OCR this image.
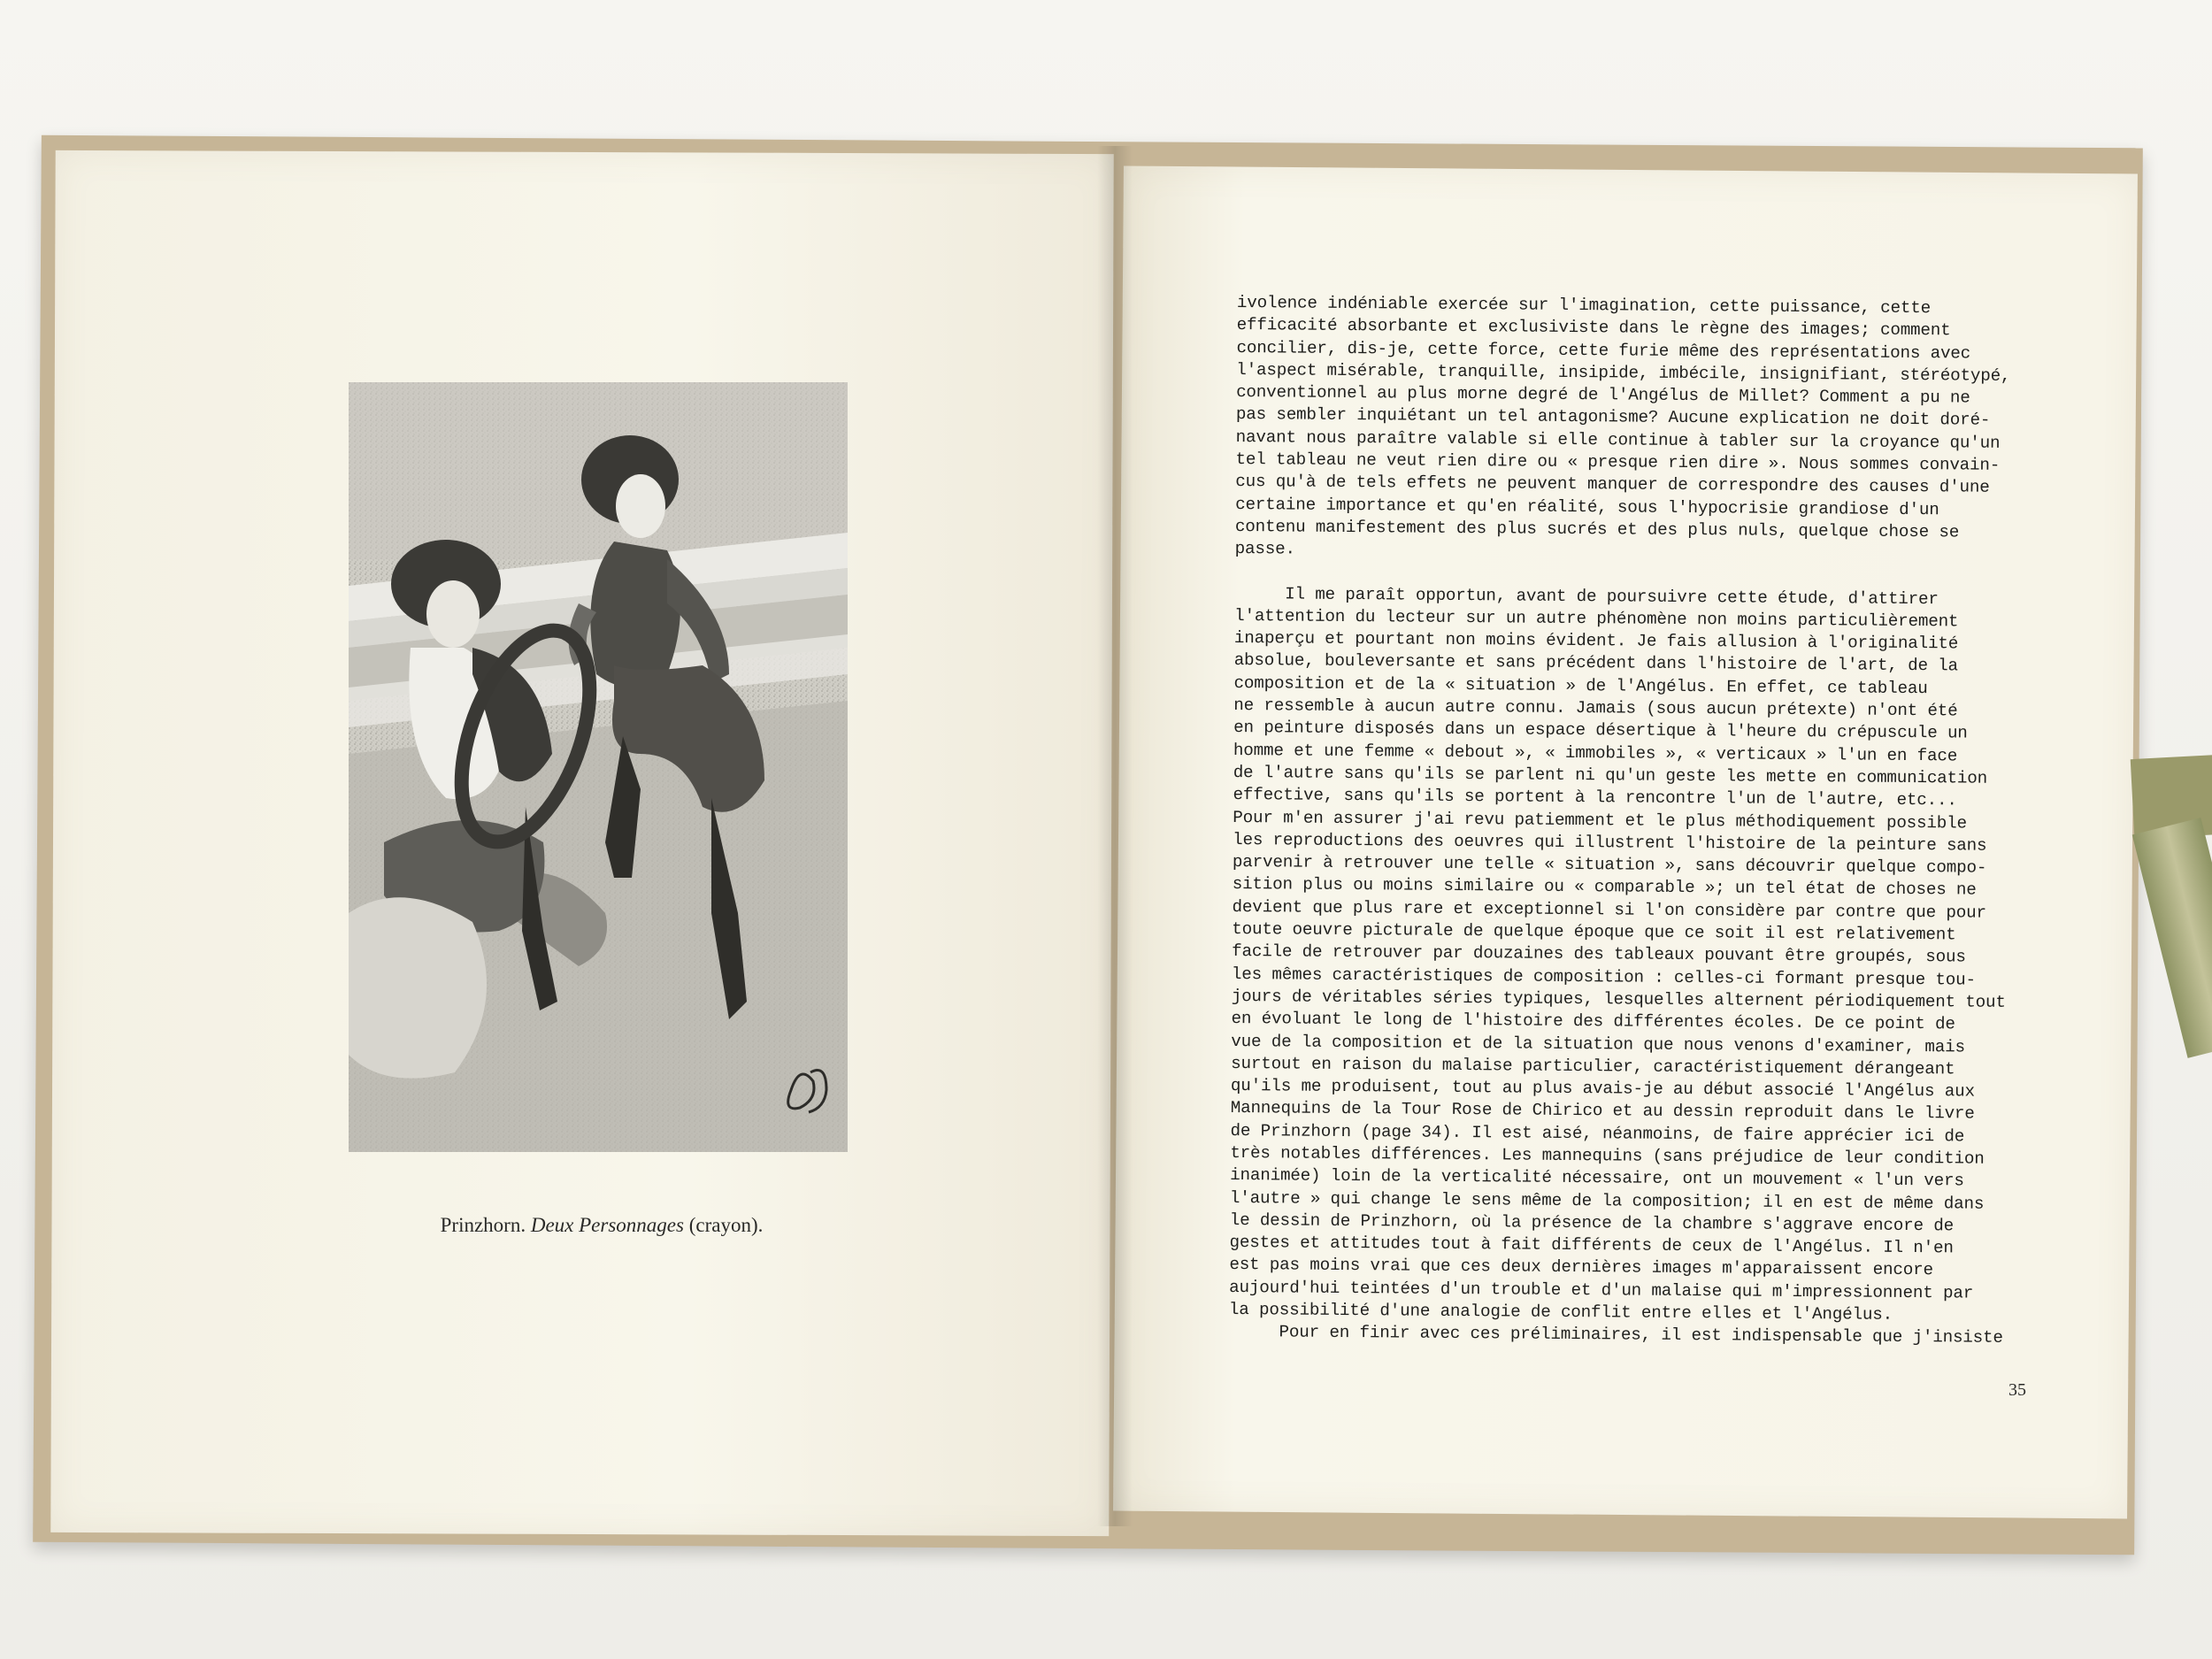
Prinzhorn. Deux Personnages (crayon).
ivolence indéniable exercée sur l'imagination, cette puissance, cette
efficacité absorbante et exclusiviste dans le règne des images; comment
concilier, dis-je, cette force, cette furie même des représentations avec
l'aspect misérable, tranquille, insipide, imbécile, insignifiant, stéréotypé,
conventionnel au plus morne degré de l'Angélus de Millet? Comment a pu ne
pas sembler inquiétant un tel antagonisme? Aucune explication ne doit doré-
navant nous paraître valable si elle continue à tabler sur la croyance qu'un
tel tableau ne veut rien dire ou « presque rien dire ». Nous sommes convain-
cus qu'à de tels effets ne peuvent manquer de correspondre des causes d'une
certaine importance et qu'en réalité, sous l'hypocrisie grandiose d'un
contenu manifestement des plus sucrés et des plus nuls, quelque chose se
passe.
Il me paraît opportun, avant de poursuivre cette étude, d'attirer
l'attention du lecteur sur un autre phénomène non moins particulièrement
inaperçu et pourtant non moins évident. Je fais allusion à l'originalité
absolue, bouleversante et sans précédent dans l'histoire de l'art, de la
composition et de la « situation » de l'Angélus. En effet, ce tableau
ne ressemble à aucun autre connu. Jamais (sous aucun prétexte) n'ont été
en peinture disposés dans un espace désertique à l'heure du crépuscule un
homme et une femme « debout », « immobiles », « verticaux » l'un en face
de l'autre sans qu'ils se parlent ni qu'un geste les mette en communication
effective, sans qu'ils se portent à la rencontre l'un de l'autre, etc...
Pour m'en assurer j'ai revu patiemment et le plus méthodiquement possible
les reproductions des oeuvres qui illustrent l'histoire de la peinture sans
parvenir à retrouver une telle « situation », sans découvrir quelque compo-
sition plus ou moins similaire ou « comparable »; un tel état de choses ne
devient que plus rare et exceptionnel si l'on considère par contre que pour
toute oeuvre picturale de quelque époque que ce soit il est relativement
facile de retrouver par douzaines des tableaux pouvant être groupés, sous
les mêmes caractéristiques de composition : celles-ci formant presque tou-
jours de véritables séries typiques, lesquelles alternent périodiquement tout
en évoluant le long de l'histoire des différentes écoles. De ce point de
vue de la composition et de la situation que nous venons d'examiner, mais
surtout en raison du malaise particulier, caractéristiquement dérangeant
qu'ils me produisent, tout au plus avais-je au début associé l'Angélus aux
Mannequins de la Tour Rose de Chirico et au dessin reproduit dans le livre
de Prinzhorn (page 34). Il est aisé, néanmoins, de faire apprécier ici de
très notables différences. Les mannequins (sans préjudice de leur condition
inanimée) loin de la verticalité nécessaire, ont un mouvement « l'un vers
l'autre » qui change le sens même de la composition; il en est de même dans
le dessin de Prinzhorn, où la présence de la chambre s'aggrave encore de
gestes et attitudes tout à fait différents de ceux de l'Angélus. Il n'en
est pas moins vrai que ces deux dernières images m'apparaissent encore
aujourd'hui teintées d'un trouble et d'un malaise qui m'impressionnent par
la possibilité d'une analogie de conflit entre elles et l'Angélus.
Pour en finir avec ces préliminaires, il est indispensable que j'insiste
35
